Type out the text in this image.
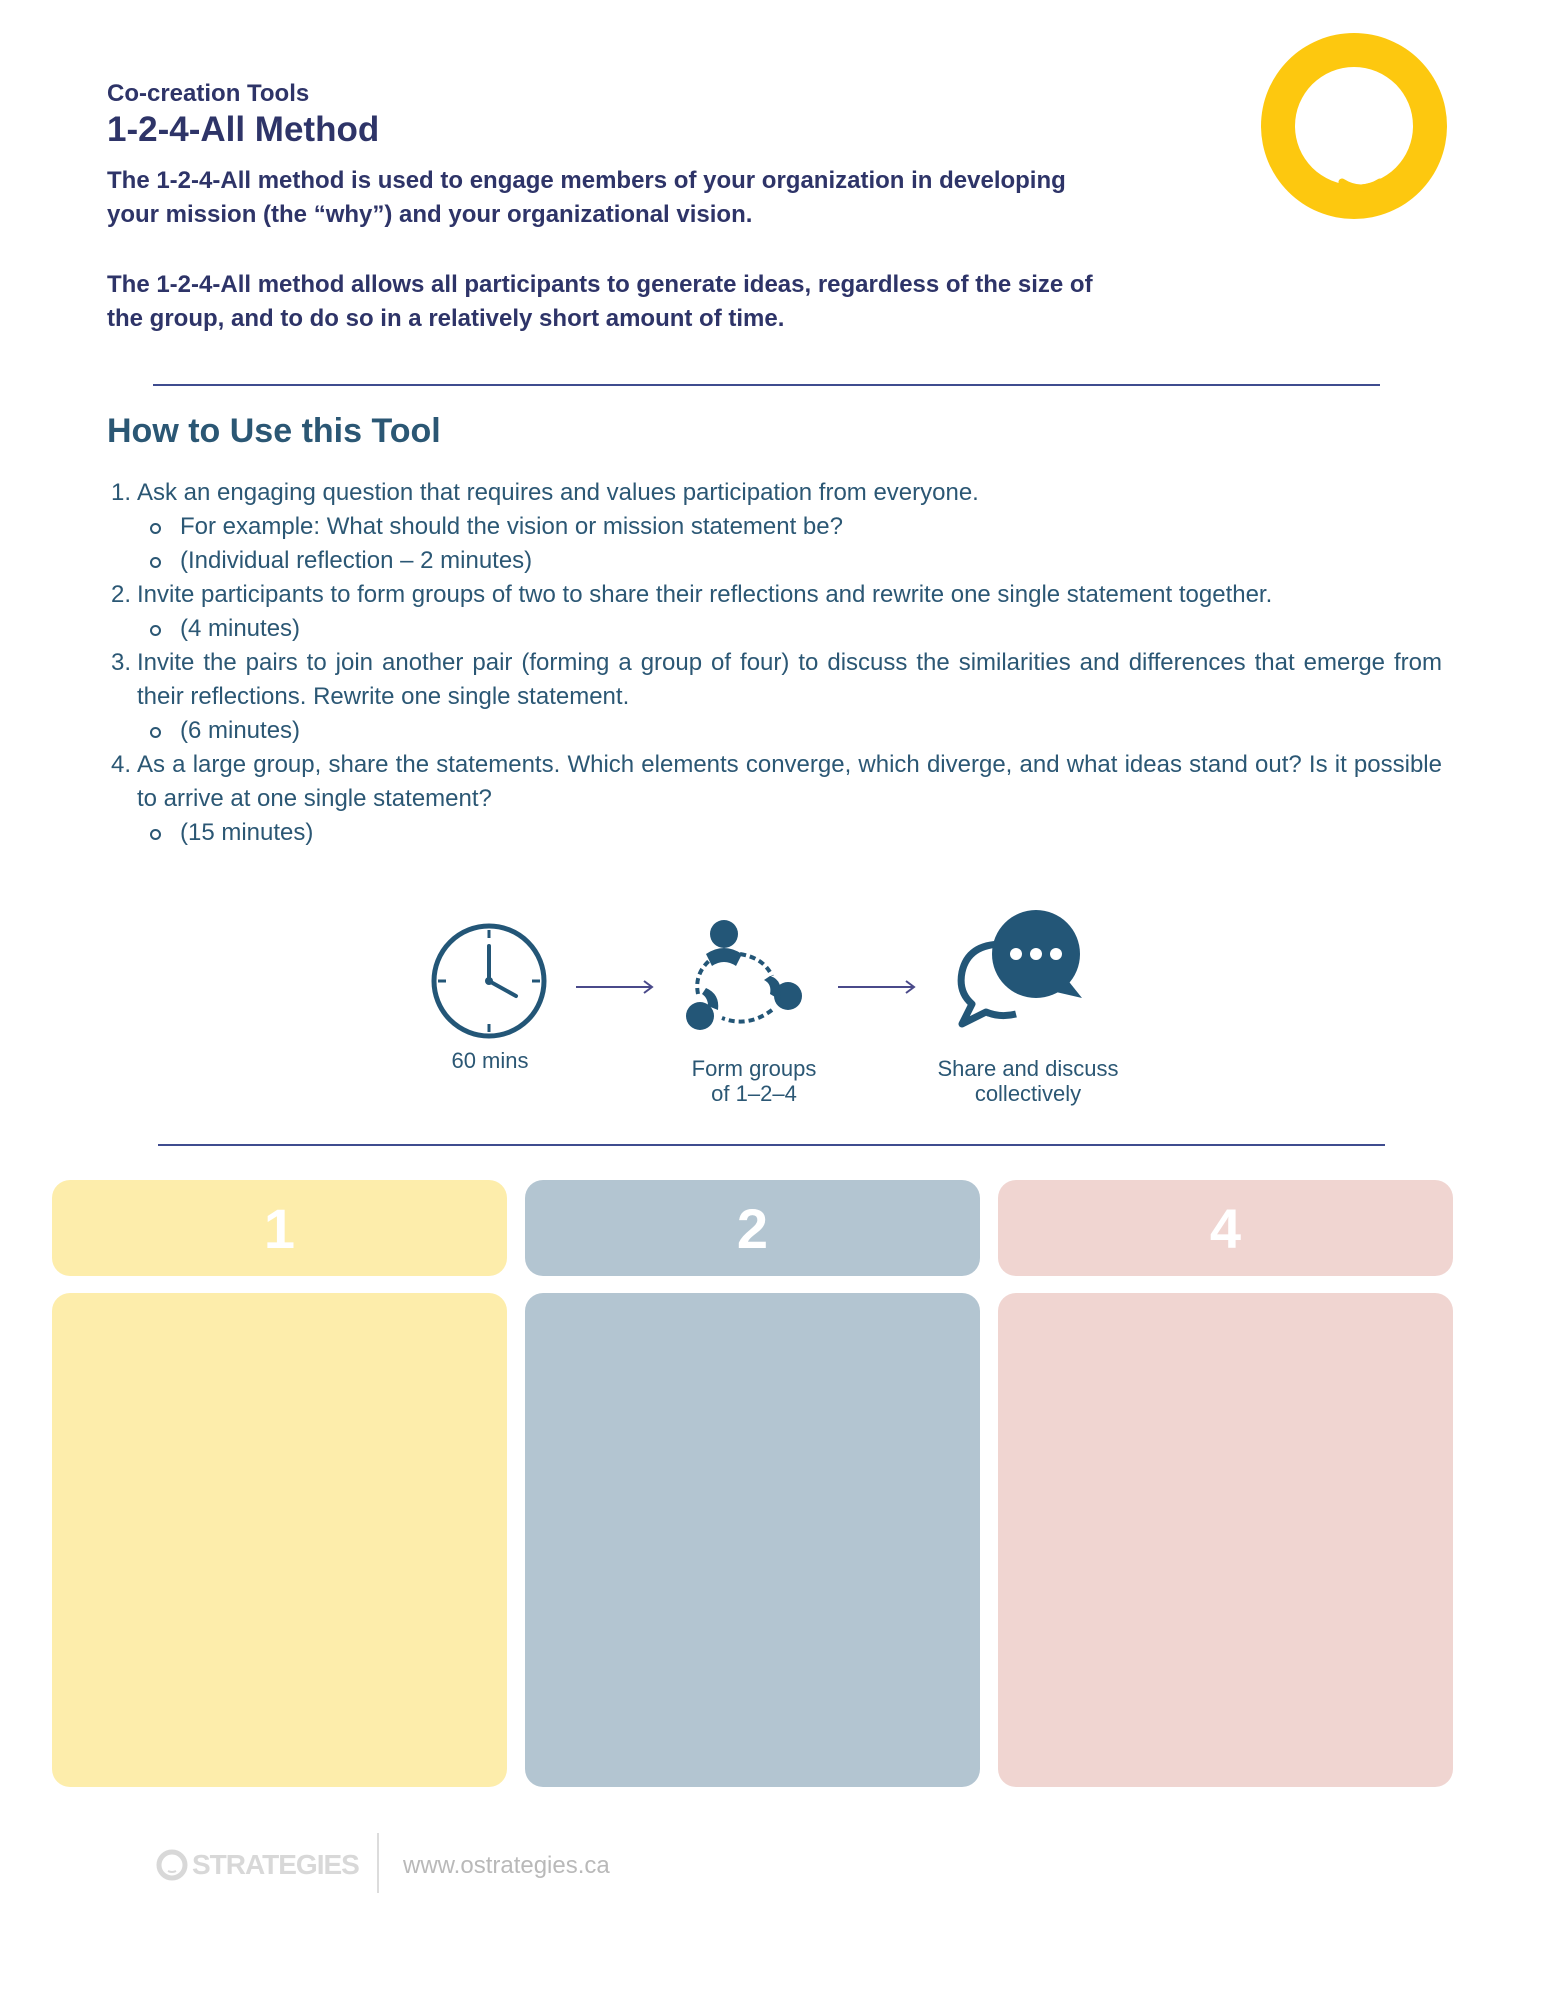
Co-creation Tools
1-2-4-All Method

The 1-2-4-All method is used to engage members of your organization in developing your mission (the “why”) and your organizational vision.

The 1-2-4-All method allows all participants to generate ideas, regardless of the size of the group, and to do so in a relatively short amount of time.

How to Use this Tool
1. Ask an engaging question that requires and values participation from everyone.
For example: What should the vision or mission statement be?
(Individual reflection – 2 minutes)
2. Invite participants to form groups of two to share their reflections and rewrite one single statement together.
(4 minutes)
3. Invite the pairs to join another pair (forming a group of four) to discuss the similarities and differences that emerge from their reflections. Rewrite one single statement.
(6 minutes)
4. As a large group, share the statements. Which elements converge, which diverge, and what ideas stand out? Is it possible to arrive at one single statement?
(15 minutes)
60 mins	Form groups
of 1–2–4
Share and discuss
collectively
1	2	4
STRATEGIES www.ostrategies.ca
